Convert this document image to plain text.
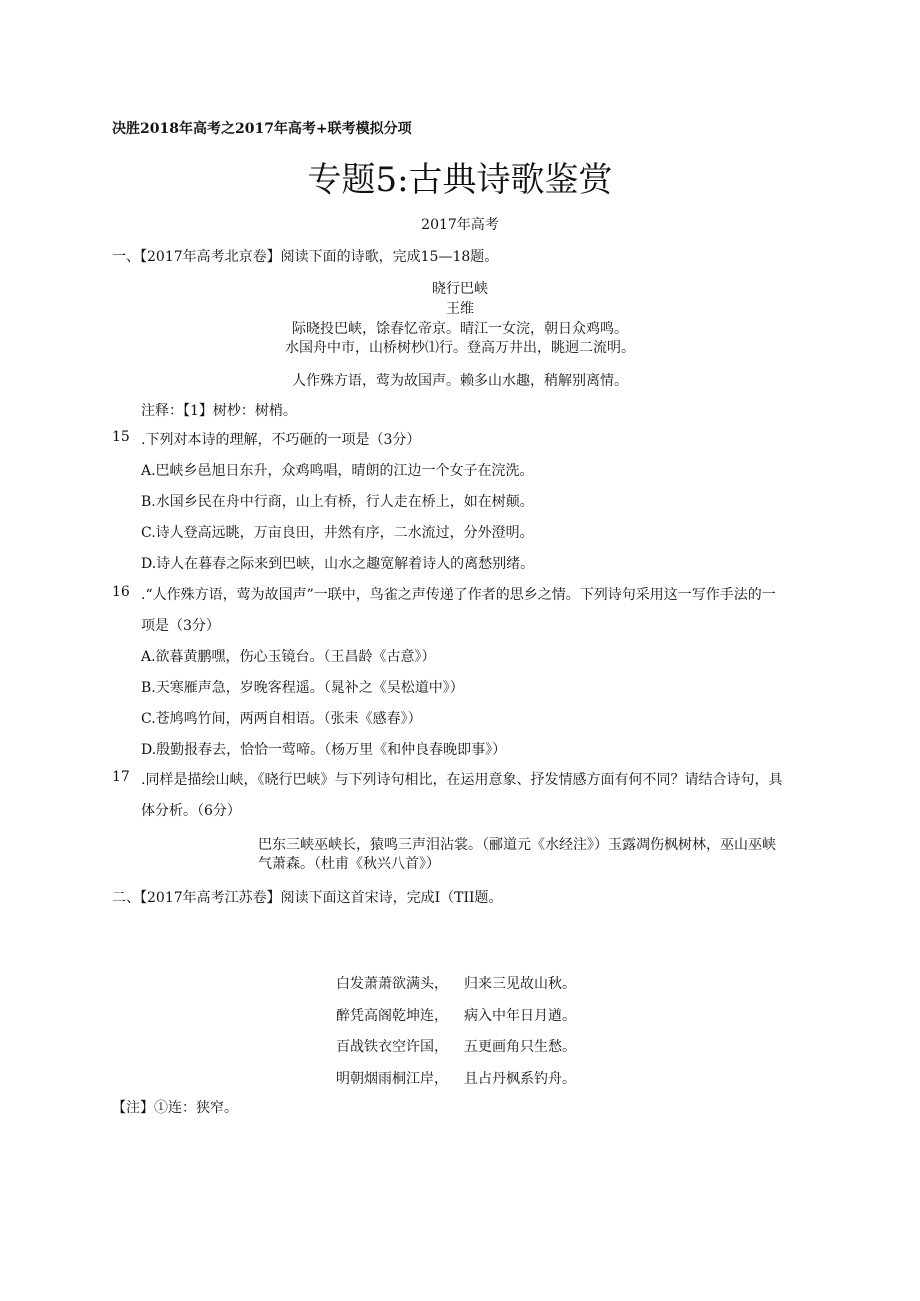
决胜2018年高考之2017年高考+联考模拟分项
专题5:古典诗歌鉴赏
2017年高考
一、【2017年高考北京卷】阅读下面的诗歌，完成15—18题。
晓行巴峡
王维
际晓投巴峡，馀春忆帝京。晴江一女浣，朝日众鸡鸣。
水国舟中市，山桥树杪⑴行。登高万井出，眺迥二流明。
人作殊方语，莺为故国声。赖多山水趣，稍解别离情。
注释：【1】树杪：树梢。
15 .下列对本诗的理解，不巧砸的一项是（3分）
A.巴峡乡邑旭日东升，众鸡鸣唱，晴朗的江边一个女子在浣洗。
B.水国乡民在舟中行商，山上有桥，行人走在桥上，如在树颠。
C.诗人登高远眺，万亩良田，井然有序，二水流过，分外澄明。
D.诗人在暮春之际来到巴峡，山水之趣宽解着诗人的离愁别绪。
16 .“人作殊方语，莺为故国声”一联中，鸟雀之声传递了作者的思乡之情。下列诗句采用这一写作手法的一
项是（3分）
A.欲暮黄鹏嘿，伤心玉镜台。（王昌龄《古意》）
B.天寒雁声急，岁晚客程遥。（晁补之《吴松道中》）
C.苍鸠鸣竹间，两两自相语。（张耒《感春》）
D.殷勤报春去，恰恰一莺啼。（杨万里《和仲良春晚即事》）
17 .同样是描绘山峡，《晓行巴峡》与下列诗句相比，在运用意象、抒发情感方面有何不同？请结合诗句，具
体分析。（6分）
巴东三峡巫峡长，猿鸣三声泪沾裳。（郦道元《水经注》）玉露凋伤枫树林，巫山巫峡
气萧森。（杜甫《秋兴八首》）
二、【2017年高考江苏卷】阅读下面这首宋诗，完成I（TII题。
白发萧萧欲满头， 归来三见故山秋。
醉凭高阁乾坤连， 病入中年日月遒。
百战铁衣空许国， 五更画角只生愁。
明朝烟雨桐江岸， 且占丹枫系钓舟。
【注】①连：狭窄。
